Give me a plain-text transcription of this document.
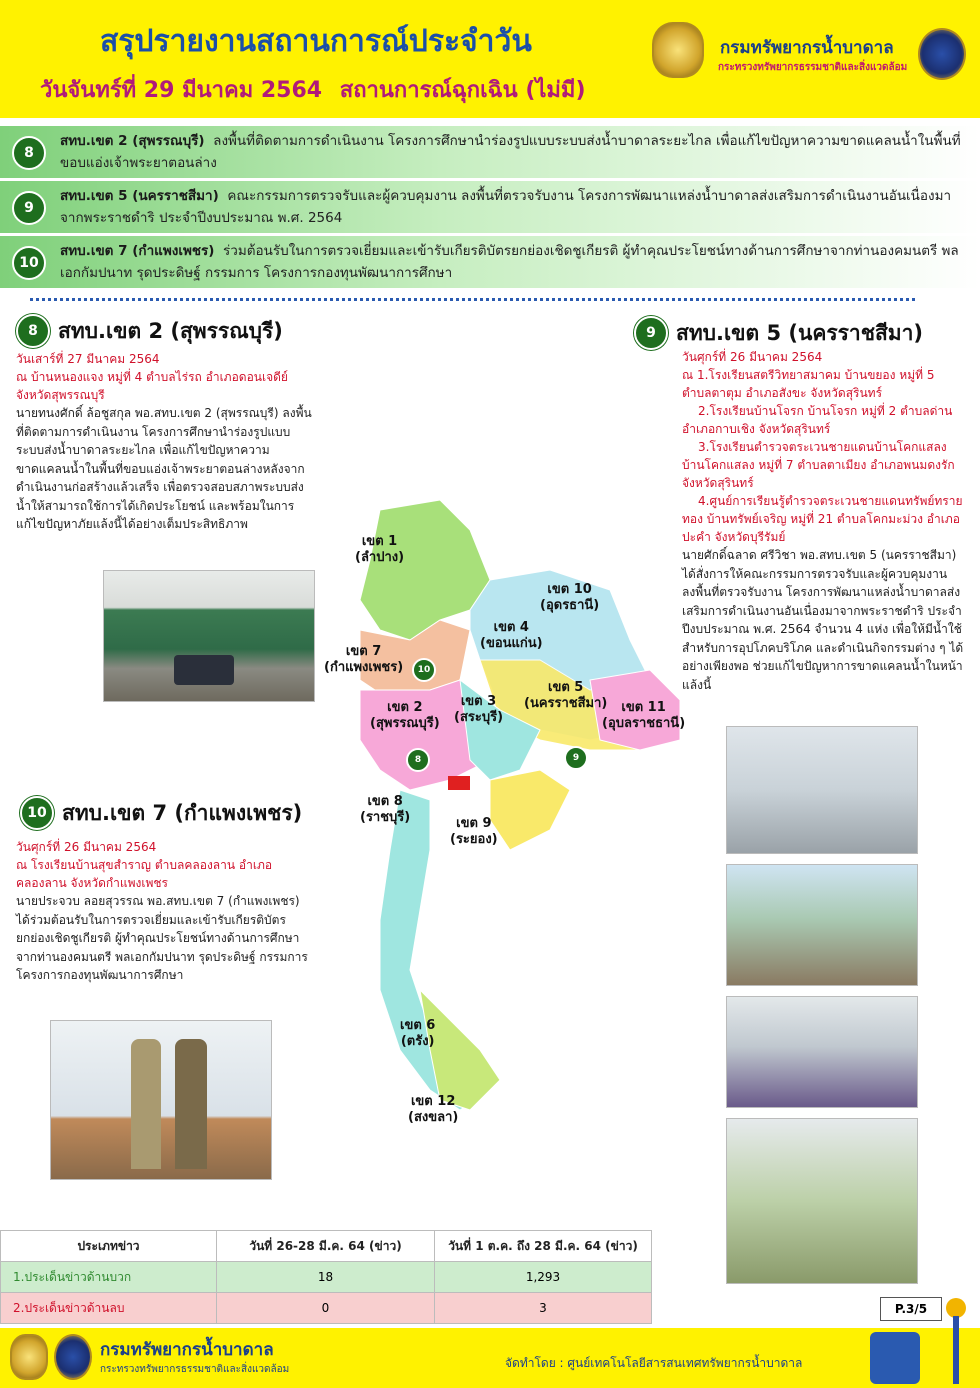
สรุปรายงานสถานการณ์ประจำวัน
วันจันทร์ที่ 29 มีนาคม 2564 สถานการณ์ฉุกเฉิน (ไม่มี)
กรมทรัพยากรน้ำบาดาล
กระทรวงทรัพยากรธรรมชาติและสิ่งแวดล้อม
8
สทบ.เขต 2 (สุพรรณบุรี) ลงพื้นที่ติดตามการดำเนินงาน โครงการศึกษานำร่องรูปแบบระบบส่งน้ำบาดาลระยะไกล เพื่อแก้ไขปัญหาความขาดแคลนน้ำในพื้นที่ขอบแอ่งเจ้าพระยาตอนล่าง
9
สทบ.เขต 5 (นครราชสีมา) คณะกรรมการตรวจรับและผู้ควบคุมงาน ลงพื้นที่ตรวจรับงาน โครงการพัฒนาแหล่งน้ำบาดาลส่งเสริมการดำเนินงานอันเนื่องมาจากพระราชดำริ ประจำปีงบประมาณ พ.ศ. 2564
10
สทบ.เขต 7 (กำแพงเพชร) ร่วมต้อนรับในการตรวจเยี่ยมและเข้ารับเกียรติบัตรยกย่องเชิดชูเกียรติ ผู้ทำคุณประโยชน์ทางด้านการศึกษาจากท่านองคมนตรี พลเอกกัมปนาท รุดประดิษฐ์ กรรมการ โครงการกองทุนพัฒนาการศึกษา
8 สทบ.เขต 2 (สุพรรณบุรี)
วันเสาร์ที่ 27 มีนาคม 2564
ณ บ้านหนองแจง หมู่ที่ 4 ตำบลไร่รถ อำเภอดอนเจดีย์ จังหวัดสุพรรณบุรี
นายทนงศักดิ์ ล้อชูสกุล พอ.สทบ.เขต 2 (สุพรรณบุรี) ลงพื้นที่ติดตามการดำเนินงาน โครงการศึกษานำร่องรูปแบบระบบส่งน้ำบาดาลระยะไกล เพื่อแก้ไขปัญหาความขาดแคลนน้ำในพื้นที่ขอบแอ่งเจ้าพระยาตอนล่างหลังจากดำเนินงานก่อสร้างแล้วเสร็จ เพื่อตรวจสอบสภาพระบบส่งน้ำให้สามารถใช้การได้เกิดประโยชน์ และพร้อมในการแก้ไขปัญหาภัยแล้งนี้ได้อย่างเต็มประสิทธิภาพ
10 สทบ.เขต 7 (กำแพงเพชร)
วันศุกร์ที่ 26 มีนาคม 2564
ณ โรงเรียนบ้านสุขสำราญ ตำบลคลองลาน อำเภอคลองลาน จังหวัดกำแพงเพชร
นายประจวบ ลอยสุวรรณ พอ.สทบ.เขต 7 (กำแพงเพชร) ได้ร่วมต้อนรับในการตรวจเยี่ยมและเข้ารับเกียรติบัตรยกย่องเชิดชูเกียรติ ผู้ทำคุณประโยชน์ทางด้านการศึกษาจากท่านองคมนตรี พลเอกกัมปนาท รุดประดิษฐ์ กรรมการ โครงการกองทุนพัฒนาการศึกษา
9 สทบ.เขต 5 (นครราชสีมา)
วันศุกร์ที่ 26 มีนาคม 2564
ณ 1.โรงเรียนสตรีวิทยาสมาคม บ้านขยอง หมู่ที่ 5 ตำบลตาตุม อำเภอสังขะ จังหวัดสุรินทร์
2.โรงเรียนบ้านโจรก บ้านโจรก หมู่ที่ 2 ตำบลด่าน อำเภอกาบเชิง จังหวัดสุรินทร์
3.โรงเรียนตำรวจตระเวนชายแดนบ้านโคกแสลง บ้านโคกแสลง หมู่ที่ 7 ตำบลตาเมียง อำเภอพนมดงรัก จังหวัดสุรินทร์
4.ศูนย์การเรียนรู้ตำรวจตระเวนชายแดนทรัพย์ทรายทอง บ้านทรัพย์เจริญ หมู่ที่ 21 ตำบลโคกมะม่วง อำเภอปะคำ จังหวัดบุรีรัมย์
นายศักดิ์ฉลาด ศรีวิชา พอ.สทบ.เขต 5 (นครราชสีมา) ได้สั่งการให้คณะกรรมการตรวจรับและผู้ควบคุมงาน ลงพื้นที่ตรวจรับงาน โครงการพัฒนาแหล่งน้ำบาดาลส่งเสริมการดำเนินงานอันเนื่องมาจากพระราชดำริ ประจำปีงบประมาณ พ.ศ. 2564 จำนวน 4 แห่ง เพื่อให้มีน้ำใช้สำหรับการอุปโภคบริโภค และดำเนินกิจกรรมต่าง ๆ ได้อย่างเพียงพอ ช่วยแก้ไขปัญหาการขาดแคลนน้ำในหน้าแล้งนี้
เขต 1
(ลำปาง)
เขต 10
(อุดรธานี)
เขต 4
(ขอนแก่น)
เขต 7
(กำแพงเพชร)
เขต 3
(สระบุรี)
เขต 5
(นครราชสีมา)	เขต 11
(อุบลราชธานี)
เขต 2
(สุพรรณบุรี)
เขต 8
(ราชบุรี)	เขต 9
(ระยอง)
เขต 6
(ตรัง)
เขต 12
(สงขลา)
10
8	9
ประเภทข่าว	วันที่ 26-28 มี.ค. 64 (ข่าว)	วันที่ 1 ต.ค. ถึง 28 มี.ค. 64 (ข่าว)
1.ประเด็นข่าวด้านบวก	18	1,293
2.ประเด็นข่าวด้านลบ	0	3	P.3/5
กรมทรัพยากรน้ำบาดาล
กระทรวงทรัพยากรธรรมชาติและสิ่งแวดล้อม	จัดทำโดย : ศูนย์เทคโนโลยีสารสนเทศทรัพยากรน้ำบาดาล
